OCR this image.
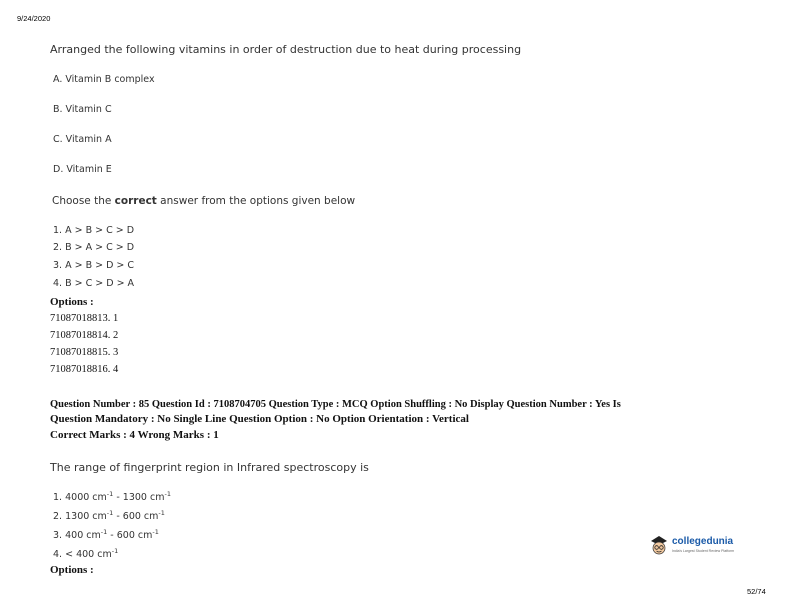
9/24/2020
Arranged the following vitamins in order of destruction due to heat during processing
A. Vitamin B complex
B. Vitamin C
C. Vitamin A
D. Vitamin E
Choose the correct answer from the options given below
1. A > B > C > D
2. B > A > C > D
3. A > B > D > C
4. B > C > D > A
Options :
71087018813. 1
71087018814. 2
71087018815. 3
71087018816. 4
Question Number : 85 Question Id : 7108704705 Question Type : MCQ Option Shuffling : No Display Question Number : Yes Is
Question Mandatory : No Single Line Question Option : No Option Orientation : Vertical
Correct Marks : 4 Wrong Marks : 1
The range of fingerprint region in Infrared spectroscopy is
1. 4000 $cm^{-1} - 1300$ $cm^{-1}$
2. 1300 $cm^{-1} - 600$ $cm^{-1}$
3. 400 $cm^{-1} - 600$ $cm^{-1}$
4. < 400 $cm^{-1}$
Options :
collegedunia
India's Largest Student Review Platform
52/74
